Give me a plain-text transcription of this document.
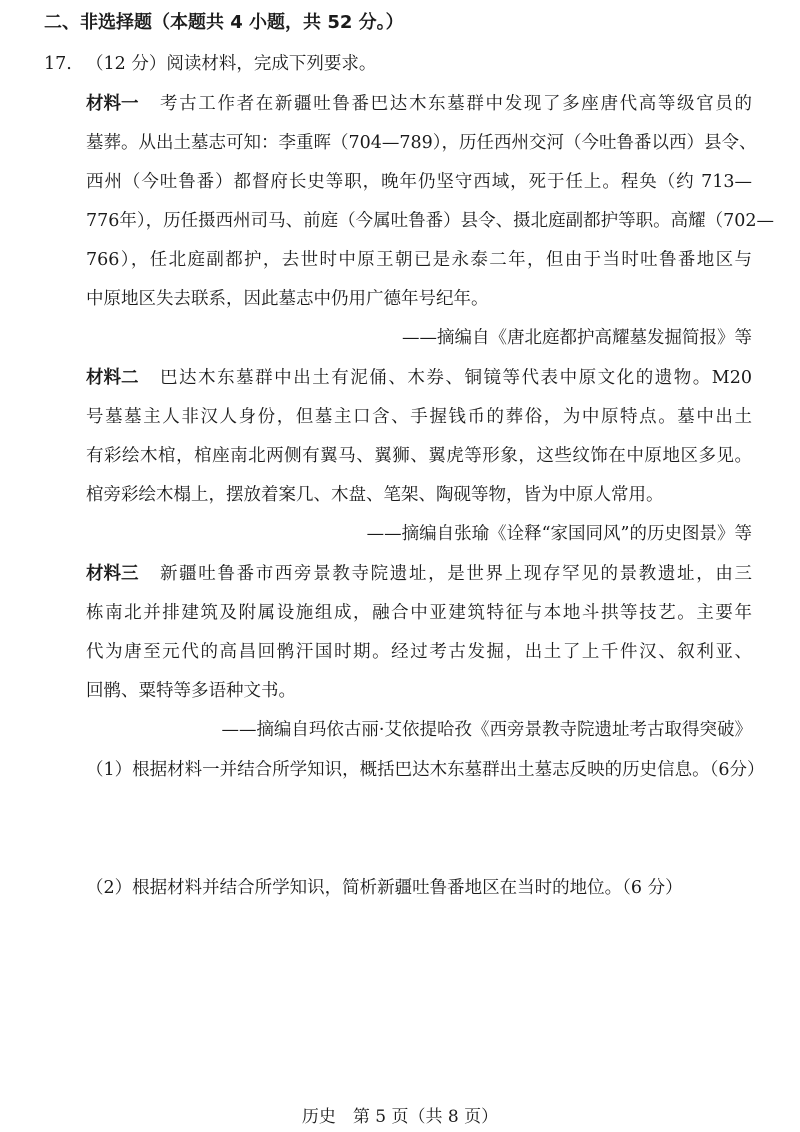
二、非选择题（本题共 4 小题，共 52 分。）
17. （12 分）阅读材料，完成下列要求。
材料一 考古工作者在新疆吐鲁番巴达木东墓群中发现了多座唐代高等级官员的
墓葬。从出土墓志可知：李重晖（704—789），历任西州交河（今吐鲁番以西）县令、
西州（今吐鲁番）都督府长史等职，晚年仍坚守西域，死于任上。程奂（约 713—
776年），历任摄西州司马、前庭（今属吐鲁番）县令、摄北庭副都护等职。高耀（702—
766），任北庭副都护，去世时中原王朝已是永泰二年，但由于当时吐鲁番地区与
中原地区失去联系，因此墓志中仍用广德年号纪年。
——摘编自《唐北庭都护高耀墓发掘简报》等
材料二 巴达木东墓群中出土有泥俑、木券、铜镜等代表中原文化的遗物。M20
号墓墓主人非汉人身份，但墓主口含、手握钱币的葬俗，为中原特点。墓中出土
有彩绘木棺，棺座南北两侧有翼马、翼狮、翼虎等形象，这些纹饰在中原地区多见。
棺旁彩绘木榻上，摆放着案几、木盘、笔架、陶砚等物，皆为中原人常用。
——摘编自张瑜《诠释“家国同风”的历史图景》等
材料三 新疆吐鲁番市西旁景教寺院遗址，是世界上现存罕见的景教遗址，由三
栋南北并排建筑及附属设施组成，融合中亚建筑特征与本地斗拱等技艺。主要年
代为唐至元代的高昌回鹘汗国时期。经过考古发掘，出土了上千件汉、叙利亚、
回鹘、粟特等多语种文书。
——摘编自玛依古丽·艾依提哈孜《西旁景教寺院遗址考古取得突破》
（1）根据材料一并结合所学知识，概括巴达木东墓群出土墓志反映的历史信息。（6分）
（2）根据材料并结合所学知识，简析新疆吐鲁番地区在当时的地位。（6 分）
历史　第 5 页（共 8 页）
